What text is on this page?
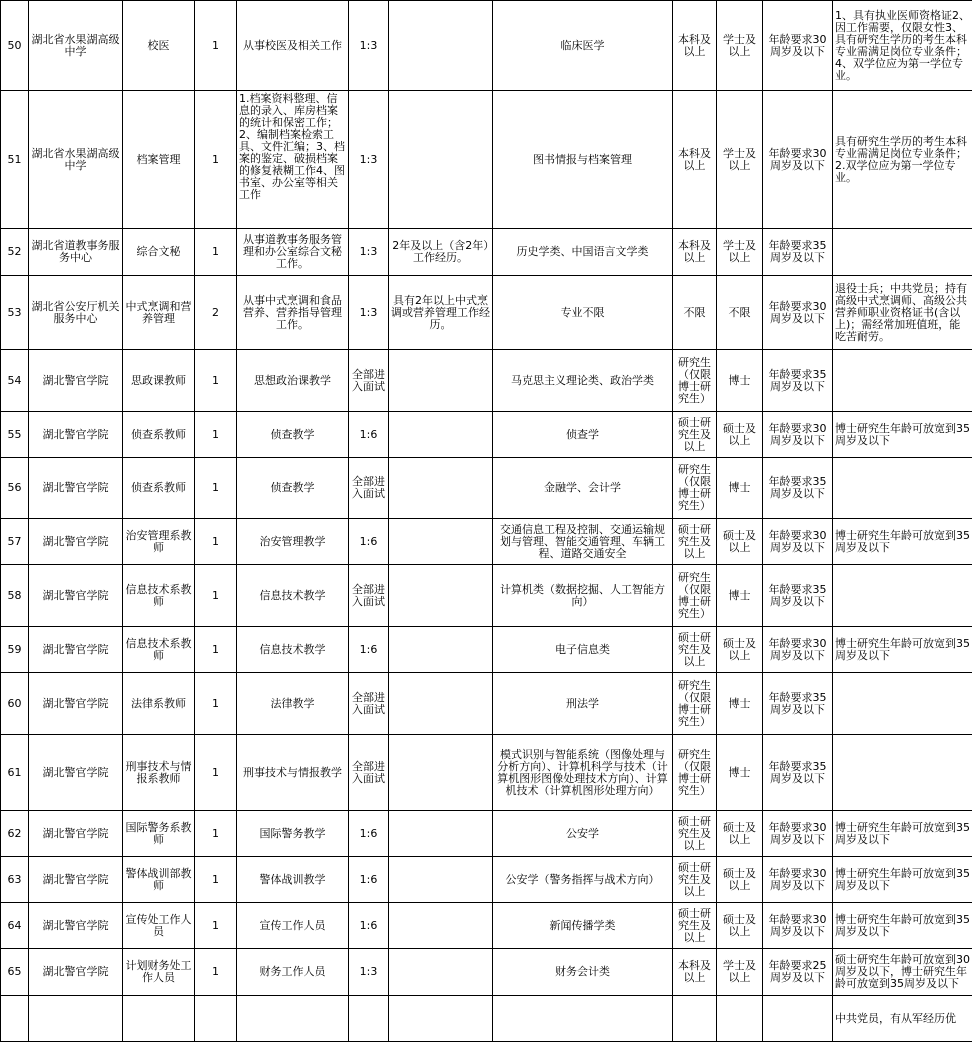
50	湖北省水果湖高级中学	校医	1	从事校医及相关工作	1:3		临床医学	本科及以上	学士及以上	年龄要求30周岁及以下	1、具有执业医师资格证2、因工作需要，仅限女性3、具有研究生学历的考生本科专业需满足岗位专业条件；4、双学位应为第一学位专业。
51	湖北省水果湖高级中学	档案管理	1	1.档案资料整理、信息的录入、库房档案的统计和保密工作；2、编制档案检索工具、文件汇编；3、档案的鉴定、破损档案的修复裱糊工作4、图书室、办公室等相关工作	1:3		图书情报与档案管理	本科及以上	学士及以上	年龄要求30周岁及以下	具有研究生学历的考生本科专业需满足岗位专业条件；2.双学位应为第一学位专业。
52	湖北省道教事务服务中心	综合文秘	1	从事道教事务服务管理和办公室综合文秘工作。	1:3	2年及以上（含2年）工作经历。	历史学类、中国语言文学类	本科及以上	学士及以上	年龄要求35周岁及以下	
53	湖北省公安厅机关服务中心	中式烹调和营养管理	2	从事中式烹调和食品营养、营养指导管理工作。	1:3	具有2年以上中式烹调或营养管理工作经历。	专业不限	不限	不限	年龄要求30周岁及以下	退役士兵；中共党员；持有高级中式烹调师、高级公共营养师职业资格证书(含以上)；需经常加班值班，能吃苦耐劳。
54	湖北警官学院	思政课教师	1	思想政治课教学	全部进入面试		马克思主义理论类、政治学类	研究生（仅限博士研究生）	博士	年龄要求35周岁及以下	
55	湖北警官学院	侦查系教师	1	侦查教学	1:6		侦查学	硕士研究生及以上	硕士及以上	年龄要求30周岁及以下	博士研究生年龄可放宽到35周岁及以下
56	湖北警官学院	侦查系教师	1	侦查教学	全部进入面试		金融学、会计学	研究生（仅限博士研究生）	博士	年龄要求35周岁及以下	
57	湖北警官学院	治安管理系教师	1	治安管理教学	1:6		交通信息工程及控制、交通运输规划与管理、智能交通管理、车辆工程、道路交通安全	硕士研究生及以上	硕士及以上	年龄要求30周岁及以下	博士研究生年龄可放宽到35周岁及以下
58	湖北警官学院	信息技术系教师	1	信息技术教学	全部进入面试		计算机类（数据挖掘、人工智能方向）	研究生（仅限博士研究生）	博士	年龄要求35周岁及以下	
59	湖北警官学院	信息技术系教师	1	信息技术教学	1:6		电子信息类	硕士研究生及以上	硕士及以上	年龄要求30周岁及以下	博士研究生年龄可放宽到35周岁及以下
60	湖北警官学院	法律系教师	1	法律教学	全部进入面试		刑法学	研究生（仅限博士研究生）	博士	年龄要求35周岁及以下	
61	湖北警官学院	刑事技术与情报系教师	1	刑事技术与情报教学	全部进入面试		模式识别与智能系统（图像处理与分析方向）、计算机科学与技术（计算机图形图像处理技术方向）、计算机技术（计算机图形处理方向）	研究生（仅限博士研究生）	博士	年龄要求35周岁及以下	
62	湖北警官学院	国际警务系教师	1	国际警务教学	1:6		公安学	硕士研究生及以上	硕士及以上	年龄要求30周岁及以下	博士研究生年龄可放宽到35周岁及以下
63	湖北警官学院	警体战训部教师	1	警体战训教学	1:6		公安学（警务指挥与战术方向）	硕士研究生及以上	硕士及以上	年龄要求30周岁及以下	博士研究生年龄可放宽到35周岁及以下
64	湖北警官学院	宣传处工作人员	1	宣传工作人员	1:6		新闻传播学类	硕士研究生及以上	硕士及以上	年龄要求30周岁及以下	博士研究生年龄可放宽到35周岁及以下
65	湖北警官学院	计划财务处工作人员	1	财务工作人员	1:3		财务会计类	本科及以上	学士及以上	年龄要求25周岁及以下	硕士研究生年龄可放宽到30周岁及以下，博士研究生年龄可放宽到35周岁及以下
											中共党员，有从军经历优
